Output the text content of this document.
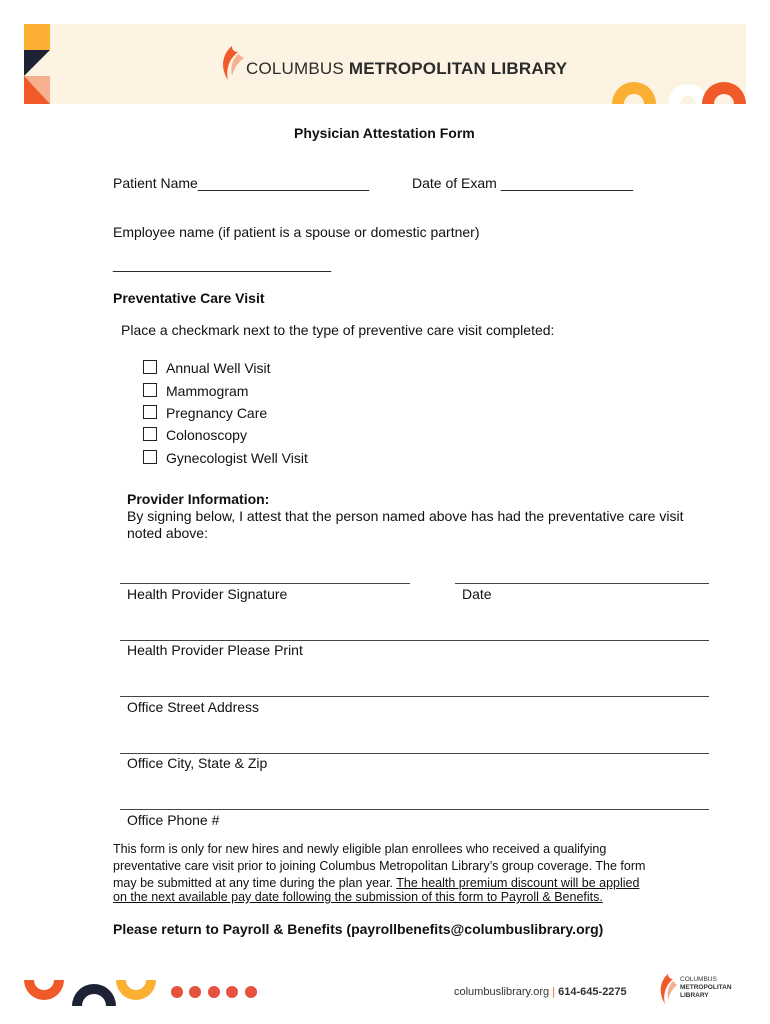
COLUMBUS METROPOLITAN LIBRARY
Physician Attestation Form
Patient Name______________________	Date of Exam _________________
Employee name (if patient is a spouse or domestic partner)
____________________________
Preventative Care Visit
Place a checkmark next to the type of preventive care visit completed:
Annual Well Visit
Mammogram
Pregnancy Care
Colonoscopy
Gynecologist Well Visit
Provider Information:
By signing below, I attest that the person named above has had the preventative care visit
noted above:
Health Provider Signature	Date
Health Provider Please Print
Office Street Address
Office City, State & Zip
Office Phone #
This form is only for new hires and newly eligible plan enrollees who received a qualifying
preventative care visit prior to joining Columbus Metropolitan Library’s group coverage. The form
may be submitted at any time during the plan year. The health premium discount will be applied
on the next available pay date following the submission of this form to Payroll & Benefits.
Please return to Payroll & Benefits (payrollbenefits@columbuslibrary.org)

columbuslibrary.org | 614-645-2275
COLUMBUS
METROPOLITAN
LIBRARY
